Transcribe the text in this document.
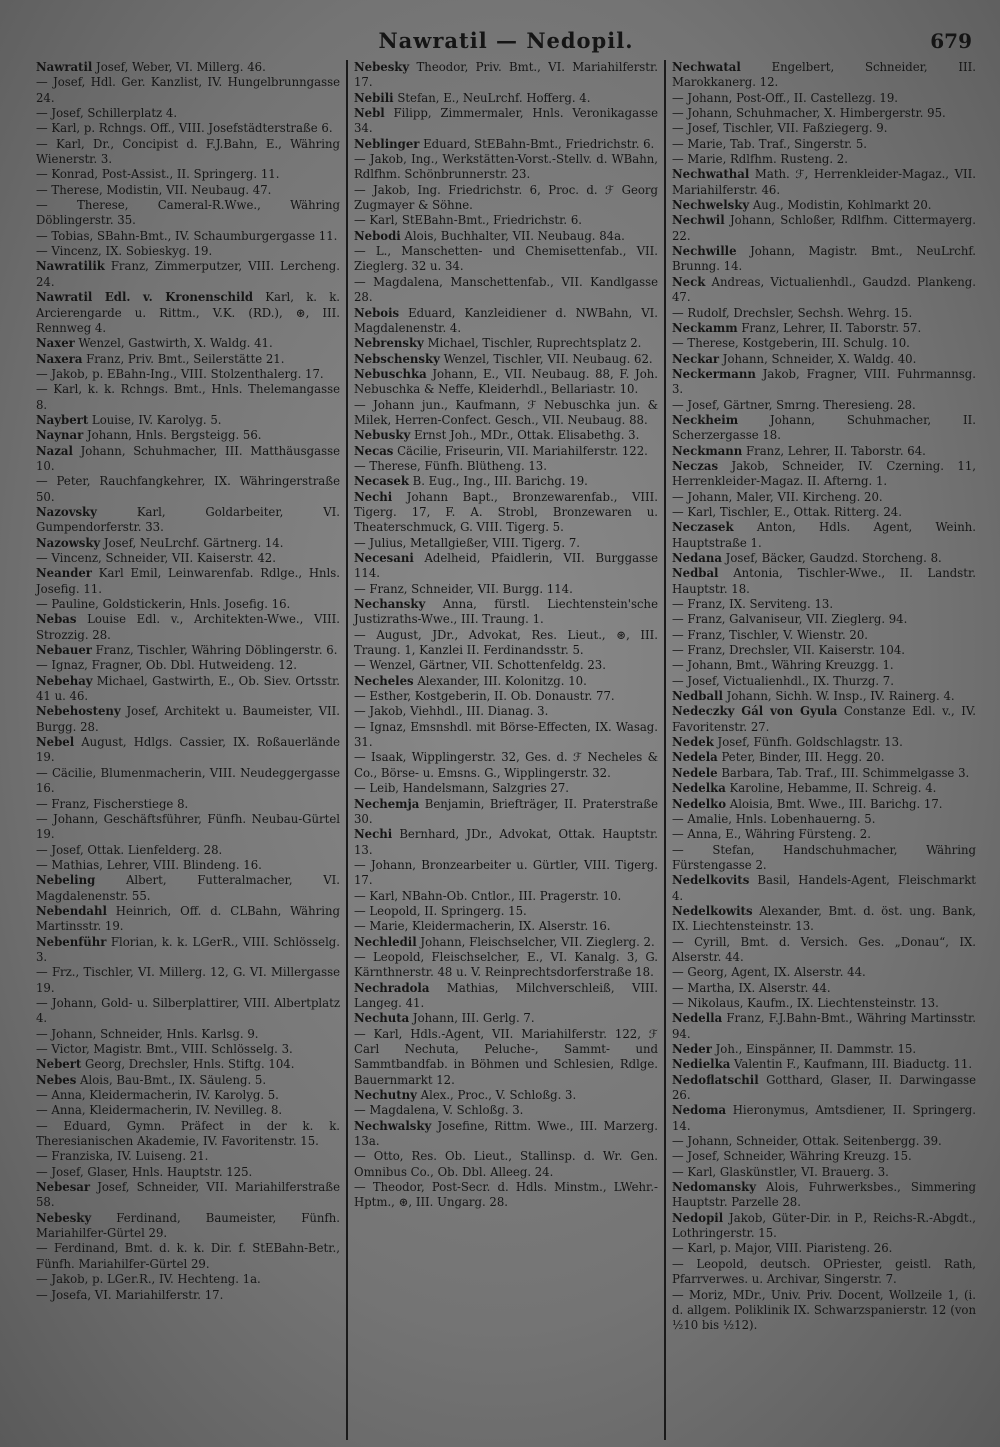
Nawratil — Nedopil.	679

Nawratil Josef, Weber, VI. Millerg. 46.

— Josef, Hdl. Ger. Kanzlist, IV. Hungelbrunngasse 24.

— Josef, Schillerplatz 4.

— Karl, p. Rchngs. Off., VIII. Josefstädterstraße 6.

— Karl, Dr., Concipist d. F.J.Bahn, E., Währing Wienerstr. 3.

— Konrad, Post-Assist., II. Springerg. 11.

— Therese, Modistin, VII. Neubaug. 47.

— Therese, Cameral-R.Wwe., Währing Döblingerstr. 35.

— Tobias, SBahn-Bmt., IV. Schaumburgergasse 11.

— Vincenz, IX. Sobieskyg. 19.

Nawratilik Franz, Zimmerputzer, VIII. Lercheng. 24.

Nawratil Edl. v. Kronenschild Karl, k. k. Arcierengarde u. Rittm., V.K. (RD.), ⊛, III. Rennweg 4.

Naxer Wenzel, Gastwirth, X. Waldg. 41.

Naxera Franz, Priv. Bmt., Seilerstätte 21.

— Jakob, p. EBahn-Ing., VIII. Stolzenthalerg. 17.

— Karl, k. k. Rchngs. Bmt., Hnls. Thelemangasse 8.

Naybert Louise, IV. Karolyg. 5.

Naynar Johann, Hnls. Bergsteigg. 56.

Nazal Johann, Schuhmacher, III. Matthäusgasse 10.

— Peter, Rauchfangkehrer, IX. Währingerstraße 50.

Nazovsky Karl, Goldarbeiter, VI. Gumpendorferstr. 33.

Nazowsky Josef, NeuLrchf. Gärtnerg. 14.

— Vincenz, Schneider, VII. Kaiserstr. 42.

Neander Karl Emil, Leinwarenfab. Rdlge., Hnls. Josefig. 11.

— Pauline, Goldstickerin, Hnls. Josefig. 16.

Nebas Louise Edl. v., Architekten-Wwe., VIII. Strozzig. 28.

Nebauer Franz, Tischler, Währing Döblingerstr. 6.

— Ignaz, Fragner, Ob. Dbl. Hutweideng. 12.

Nebehay Michael, Gastwirth, E., Ob. Siev. Ortsstr. 41 u. 46.

Nebehosteny Josef, Architekt u. Baumeister, VII. Burgg. 28.

Nebel August, Hdlgs. Cassier, IX. Roßauerlände 19.

— Cäcilie, Blumenmacherin, VIII. Neudeggergasse 16.

— Franz, Fischerstiege 8.

— Johann, Geschäftsführer, Fünfh. Neubau-Gürtel 19.

— Josef, Ottak. Lienfelderg. 28.

— Mathias, Lehrer, VIII. Blindeng. 16.

Nebeling Albert, Futteralmacher, VI. Magdalenenstr. 55.

Nebendahl Heinrich, Off. d. CLBahn, Währing Martinsstr. 19.

Nebenführ Florian, k. k. LGerR., VIII. Schlösselg. 3.

— Frz., Tischler, VI. Millerg. 12, G. VI. Millergasse 19.

— Johann, Gold- u. Silberplattirer, VIII. Albertplatz 4.

— Johann, Schneider, Hnls. Karlsg. 9.

— Victor, Magistr. Bmt., VIII. Schlösselg. 3.

Nebert Georg, Drechsler, Hnls. Stiftg. 104.

Nebes Alois, Bau-Bmt., IX. Säuleng. 5.

— Anna, Kleidermacherin, IV. Karolyg. 5.

— Anna, Kleidermacherin, IV. Nevilleg. 8.

— Eduard, Gymn. Präfect in der k. k. Theresianischen Akademie, IV. Favoritenstr. 15.

— Franziska, IV. Luiseng. 21.

— Josef, Glaser, Hnls. Hauptstr. 125.

Nebesar Josef, Schneider, VII. Mariahilferstraße 58.

Nebesky Ferdinand, Baumeister, Fünfh. Mariahilfer-Gürtel 29.

— Ferdinand, Bmt. d. k. k. Dir. f. StEBahn-Betr., Fünfh. Mariahilfer-Gürtel 29.

— Jakob, p. LGer.R., IV. Hechteng. 1a.

— Josefa, VI. Mariahilferstr. 17.

Nebesky Theodor, Priv. Bmt., VI. Mariahilferstr. 17.

Nebili Stefan, E., NeuLrchf. Hofferg. 4.

Nebl Filipp, Zimmermaler, Hnls. Veronikagasse 34.

Neblinger Eduard, StEBahn-Bmt., Friedrichstr. 6.

— Jakob, Ing., Werkstätten-Vorst.-Stellv. d. WBahn, Rdlfhm. Schönbrunnerstr. 23.

— Jakob, Ing. Friedrichstr. 6, Proc. d. ℱ Georg Zugmayer & Söhne.

— Karl, StEBahn-Bmt., Friedrichstr. 6.

Nebodi Alois, Buchhalter, VII. Neubaug. 84a.

— L., Manschetten- und Chemisettenfab., VII. Zieglerg. 32 u. 34.

— Magdalena, Manschettenfab., VII. Kandlgasse 28.

Nebois Eduard, Kanzleidiener d. NWBahn, VI. Magdalenenstr. 4.

Nebrensky Michael, Tischler, Ruprechtsplatz 2.

Nebschensky Wenzel, Tischler, VII. Neubaug. 62.

Nebuschka Johann, E., VII. Neubaug. 88, F. Joh. Nebuschka & Neffe, Kleiderhdl., Bellariastr. 10.

— Johann jun., Kaufmann, ℱ Nebuschka jun. & Milek, Herren-Confect. Gesch., VII. Neubaug. 88.

Nebusky Ernst Joh., MDr., Ottak. Elisabethg. 3.

Necas Cäcilie, Friseurin, VII. Mariahilferstr. 122.

— Therese, Fünfh. Blütheng. 13.

Necasek B. Eug., Ing., III. Barichg. 19.

Nechi Johann Bapt., Bronzewarenfab., VIII. Tigerg. 17, F. A. Strobl, Bronzewaren u. Theaterschmuck, G. VIII. Tigerg. 5.

— Julius, Metallgießer, VIII. Tigerg. 7.

Necesani Adelheid, Pfaidlerin, VII. Burggasse 114.

— Franz, Schneider, VII. Burgg. 114.

Nechansky Anna, fürstl. Liechtenstein'sche Justizraths-Wwe., III. Traung. 1.

— August, JDr., Advokat, Res. Lieut., ⊛, III. Traung. 1, Kanzlei II. Ferdinandsstr. 5.

— Wenzel, Gärtner, VII. Schottenfeldg. 23.

Necheles Alexander, III. Kolonitzg. 10.

— Esther, Kostgeberin, II. Ob. Donaustr. 77.

— Jakob, Viehhdl., III. Dianag. 3.

— Ignaz, Emsnshdl. mit Börse-Effecten, IX. Wasag. 31.

— Isaak, Wipplingerstr. 32, Ges. d. ℱ Necheles & Co., Börse- u. Emsns. G., Wipplingerstr. 32.

— Leib, Handelsmann, Salzgries 27.

Nechemja Benjamin, Briefträger, II. Praterstraße 30.

Nechi Bernhard, JDr., Advokat, Ottak. Hauptstr. 13.

— Johann, Bronzearbeiter u. Gürtler, VIII. Tigerg. 17.

— Karl, NBahn-Ob. Cntlor., III. Pragerstr. 10.

— Leopold, II. Springerg. 15.

— Marie, Kleidermacherin, IX. Alserstr. 16.

Nechledil Johann, Fleischselcher, VII. Zieglerg. 2.

— Leopold, Fleischselcher, E., VI. Kanalg. 3, G. Kärnthnerstr. 48 u. V. Reinprechtsdorferstraße 18.

Nechradola Mathias, Milchverschleiß, VIII. Langeg. 41.

Nechuta Johann, III. Gerlg. 7.

— Karl, Hdls.-Agent, VII. Mariahilferstr. 122, ℱ Carl Nechuta, Peluche-, Sammt- und Sammtbandfab. in Böhmen und Schlesien, Rdlge. Bauernmarkt 12.

Nechutny Alex., Proc., V. Schloßg. 3.

— Magdalena, V. Schloßg. 3.

Nechwalsky Josefine, Rittm. Wwe., III. Marzerg. 13a.

— Otto, Res. Ob. Lieut., Stallinsp. d. Wr. Gen. Omnibus Co., Ob. Dbl. Alleeg. 24.

— Theodor, Post-Secr. d. Hdls. Minstm., LWehr.-Hptm., ⊛, III. Ungarg. 28.

Nechwatal Engelbert, Schneider, III. Marokkanerg. 12.

— Johann, Post-Off., II. Castellezg. 19.

— Johann, Schuhmacher, X. Himbergerstr. 95.

— Josef, Tischler, VII. Faßziegerg. 9.

— Marie, Tab. Traf., Singerstr. 5.

— Marie, Rdlfhm. Rusteng. 2.

Nechwathal Math. ℱ, Herrenkleider-Magaz., VII. Mariahilferstr. 46.

Nechwelsky Aug., Modistin, Kohlmarkt 20.

Nechwil Johann, Schloßer, Rdlfhm. Cittermayerg. 22.

Nechwille Johann, Magistr. Bmt., NeuLrchf. Brunng. 14.

Neck Andreas, Victualienhdl., Gaudzd. Plankeng. 47.

— Rudolf, Drechsler, Sechsh. Wehrg. 15.

Neckamm Franz, Lehrer, II. Taborstr. 57.

— Therese, Kostgeberin, III. Schulg. 10.

Neckar Johann, Schneider, X. Waldg. 40.

Neckermann Jakob, Fragner, VIII. Fuhrmannsg. 3.

— Josef, Gärtner, Smrng. Theresieng. 28.

Neckheim Johann, Schuhmacher, II. Scherzergasse 18.

Neckmann Franz, Lehrer, II. Taborstr. 64.

Neczas Jakob, Schneider, IV. Czerning. 11, Herrenkleider-Magaz. II. Afterng. 1.

— Johann, Maler, VII. Kircheng. 20.

— Karl, Tischler, E., Ottak. Ritterg. 24.

Neczasek Anton, Hdls. Agent, Weinh. Hauptstraße 1.

Nedana Josef, Bäcker, Gaudzd. Storcheng. 8.

Nedbal Antonia, Tischler-Wwe., II. Landstr. Hauptstr. 18.

— Franz, IX. Serviteng. 13.

— Franz, Galvaniseur, VII. Zieglerg. 94.

— Franz, Tischler, V. Wienstr. 20.

— Franz, Drechsler, VII. Kaiserstr. 104.

— Johann, Bmt., Währing Kreuzgg. 1.

— Josef, Victualienhdl., IX. Thurzg. 7.

Nedball Johann, Sichh. W. Insp., IV. Rainerg. 4.

Nedeczky Gál von Gyula Constanze Edl. v., IV. Favoritenstr. 27.

Nedek Josef, Fünfh. Goldschlagstr. 13.

Nedela Peter, Binder, III. Hegg. 20.

Nedele Barbara, Tab. Traf., III. Schimmelgasse 3.

Nedelka Karoline, Hebamme, II. Schreig. 4.

Nedelko Aloisia, Bmt. Wwe., III. Barichg. 17.

— Amalie, Hnls. Lobenhauerng. 5.

— Anna, E., Währing Fürsteng. 2.

— Stefan, Handschuhmacher, Währing Fürstengasse 2.

Nedelkovits Basil, Handels-Agent, Fleischmarkt 4.

Nedelkowits Alexander, Bmt. d. öst. ung. Bank, IX. Liechtensteinstr. 13.

— Cyrill, Bmt. d. Versich. Ges. „Donau“, IX. Alserstr. 44.

— Georg, Agent, IX. Alserstr. 44.

— Martha, IX. Alserstr. 44.

— Nikolaus, Kaufm., IX. Liechtensteinstr. 13.

Nedella Franz, F.J.Bahn-Bmt., Währing Martinsstr. 94.

Neder Joh., Einspänner, II. Dammstr. 15.

Nedielka Valentin F., Kaufmann, III. Biaductg. 11.

Nedoflatschil Gotthard, Glaser, II. Darwingasse 26.

Nedoma Hieronymus, Amtsdiener, II. Springerg. 14.

— Johann, Schneider, Ottak. Seitenbergg. 39.

— Josef, Schneider, Währing Kreuzg. 15.

— Karl, Glaskünstler, VI. Brauerg. 3.

Nedomansky Alois, Fuhrwerksbes., Simmering Hauptstr. Parzelle 28.

Nedopil Jakob, Güter-Dir. in P., Reichs-R.-Abgdt., Lothringerstr. 15.

— Karl, p. Major, VIII. Piaristeng. 26.

— Leopold, deutsch. OPriester, geistl. Rath, Pfarrverwes. u. Archivar, Singerstr. 7.

— Moriz, MDr., Univ. Priv. Docent, Wollzeile 1, (i. d. allgem. Poliklinik IX. Schwarzspanierstr. 12 (von ½10 bis ½12).
